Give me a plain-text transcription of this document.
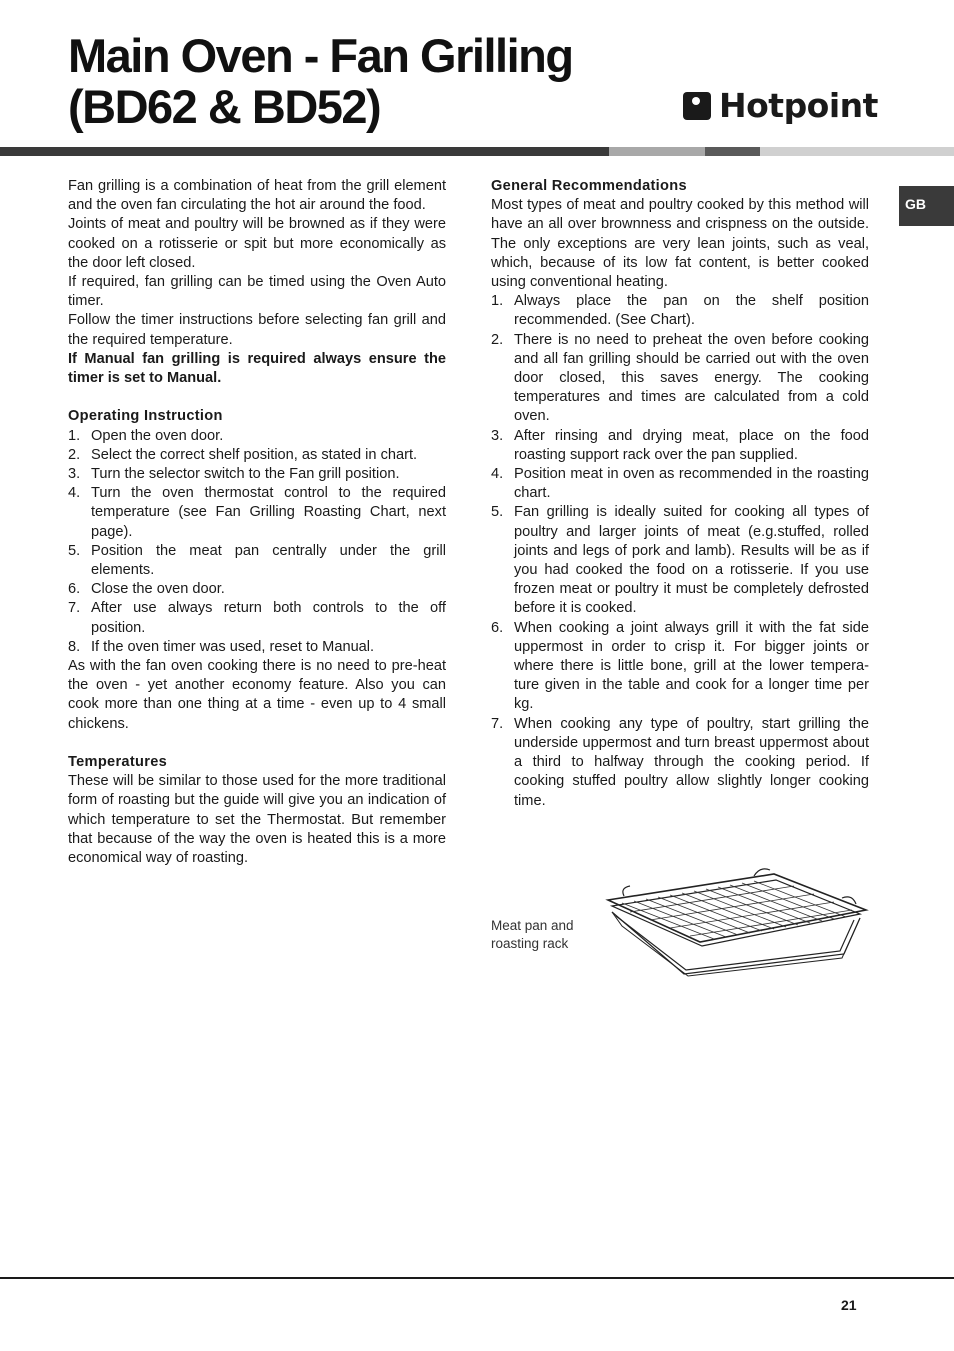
Main Oven - Fan Grilling
(BD62 & BD52)	Hotpoint
GB

Fan grilling is a combination of heat from the grill element and the oven fan circulating the hot air around the food.

Joints of meat and poultry will be browned as if they were cooked on a rotisserie or spit but more economically as the door left closed.

If required, fan grilling can be timed using the Oven Auto timer.

Follow the timer instructions before selecting fan grill and the required temperature.

If Manual fan grilling is required always ensure the timer is set to Manual.

Operating Instruction

1. Open the oven door.
2. Select the correct shelf position, as stated in chart.
3. Turn the selector switch to the Fan grill position.
4. Turn the oven thermostat control to the required temperature (see Fan Grilling Roasting Chart, next page).
5. Position the meat pan centrally under the grill elements.
6. Close the oven door.
7. After use always return both controls to the off position.
8. If the oven timer was used, reset to Manual.

As with the fan oven cooking there is no need to pre-heat the oven - yet another economy feature. Also you can cook more than one thing at a time - even up to 4 small chickens.

Temperatures

These will be similar to those used for the more traditional form of roasting but the guide will give you an indication of which temperature to set the Thermostat. But remember that because of the way the oven is heated this is a more economical way of roasting.

General Recommendations

Most types of meat and poultry cooked by this method will have an all over brownness and crispness on the outside. The only exceptions are very lean joints, such as veal, which, because of its low fat content, is better cooked using conventional heating.

1. Always place the pan on the shelf position recommended. (See Chart).
2. There is no need to preheat the oven before cooking and all fan grilling should be carried out with the oven door closed, this saves energy. The cooking temperatures and times are calculated from a cold oven.
3. After rinsing and drying meat, place on the food roasting support rack over the pan supplied.
4. Position meat in oven as recommended in the roasting chart.
5. Fan grilling is ideally suited for cooking all types of poultry and larger joints of meat (e.g.stuffed, rolled joints and legs of pork and lamb). Results will be as if you had cooked the food on a rotisserie. If you use frozen meat or poultry it must be completely defrosted before it is cooked.
6. When cooking a joint always grill it with the fat side uppermost in order to crisp it. For bigger joints or where there is little bone, grill at the lower tempera-ture given in the table and cook for a longer time per kg.
7. When cooking any type of poultry, start grilling the underside uppermost and turn breast uppermost about a third to halfway through the cooking period. If cooking stuffed poultry allow slightly longer cooking time.
Meat pan and
roasting rack
21
